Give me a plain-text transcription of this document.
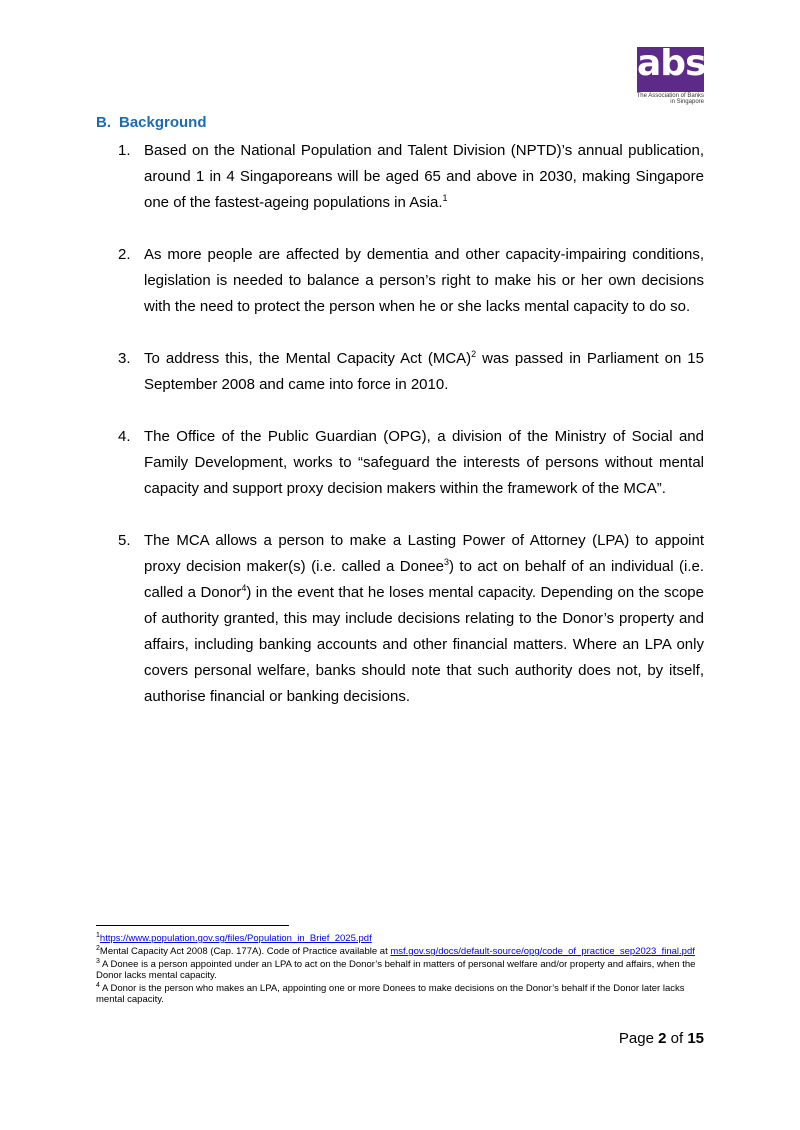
abs
The Association of Banks
in Singapore
B. Background
1. Based on the National Population and Talent Division (NPTD)’s annual publication, around 1 in 4 Singaporeans will be aged 65 and above in 2030, making Singapore one of the fastest-ageing populations in Asia.$^1$
2. As more people are affected by dementia and other capacity-impairing conditions, legislation is needed to balance a person’s right to make his or her own decisions with the need to protect the person when he or she lacks mental capacity to do so.
3. To address this, the Mental Capacity Act (MCA)$^2$ was passed in Parliament on 15 September 2008 and came into force in 2010.
4. The Office of the Public Guardian (OPG), a division of the Ministry of Social and Family Development, works to “safeguard the interests of persons without mental capacity and support proxy decision makers within the framework of the MCA”.
5. The MCA allows a person to make a Lasting Power of Attorney (LPA) to appoint proxy decision maker(s) (i.e. called a Donee$^3$) to act on behalf of an individual (i.e. called a Donor$^4$) in the event that he loses mental capacity. Depending on the scope of authority granted, this may include decisions relating to the Donor’s property and affairs, including banking accounts and other financial matters. Where an LPA only covers personal welfare, banks should note that such authority does not, by itself, authorise financial or banking decisions.
$^1$https://www.population.gov.sg/files/Population_in_Brief_2025.pdf
$^2$Mental Capacity Act 2008 (Cap. 177A). Code of Practice available at msf.gov.sg/docs/default-source/opg/code_of_practice_sep2023_final.pdf
$^3$ A Donee is a person appointed under an LPA to act on the Donor’s behalf in matters of personal welfare and/or property and affairs, when the Donor lacks mental capacity.
$^4$ A Donor is the person who makes an LPA, appointing one or more Donees to make decisions on the Donor’s behalf if the Donor later lacks mental capacity.
Page 2 of 15
